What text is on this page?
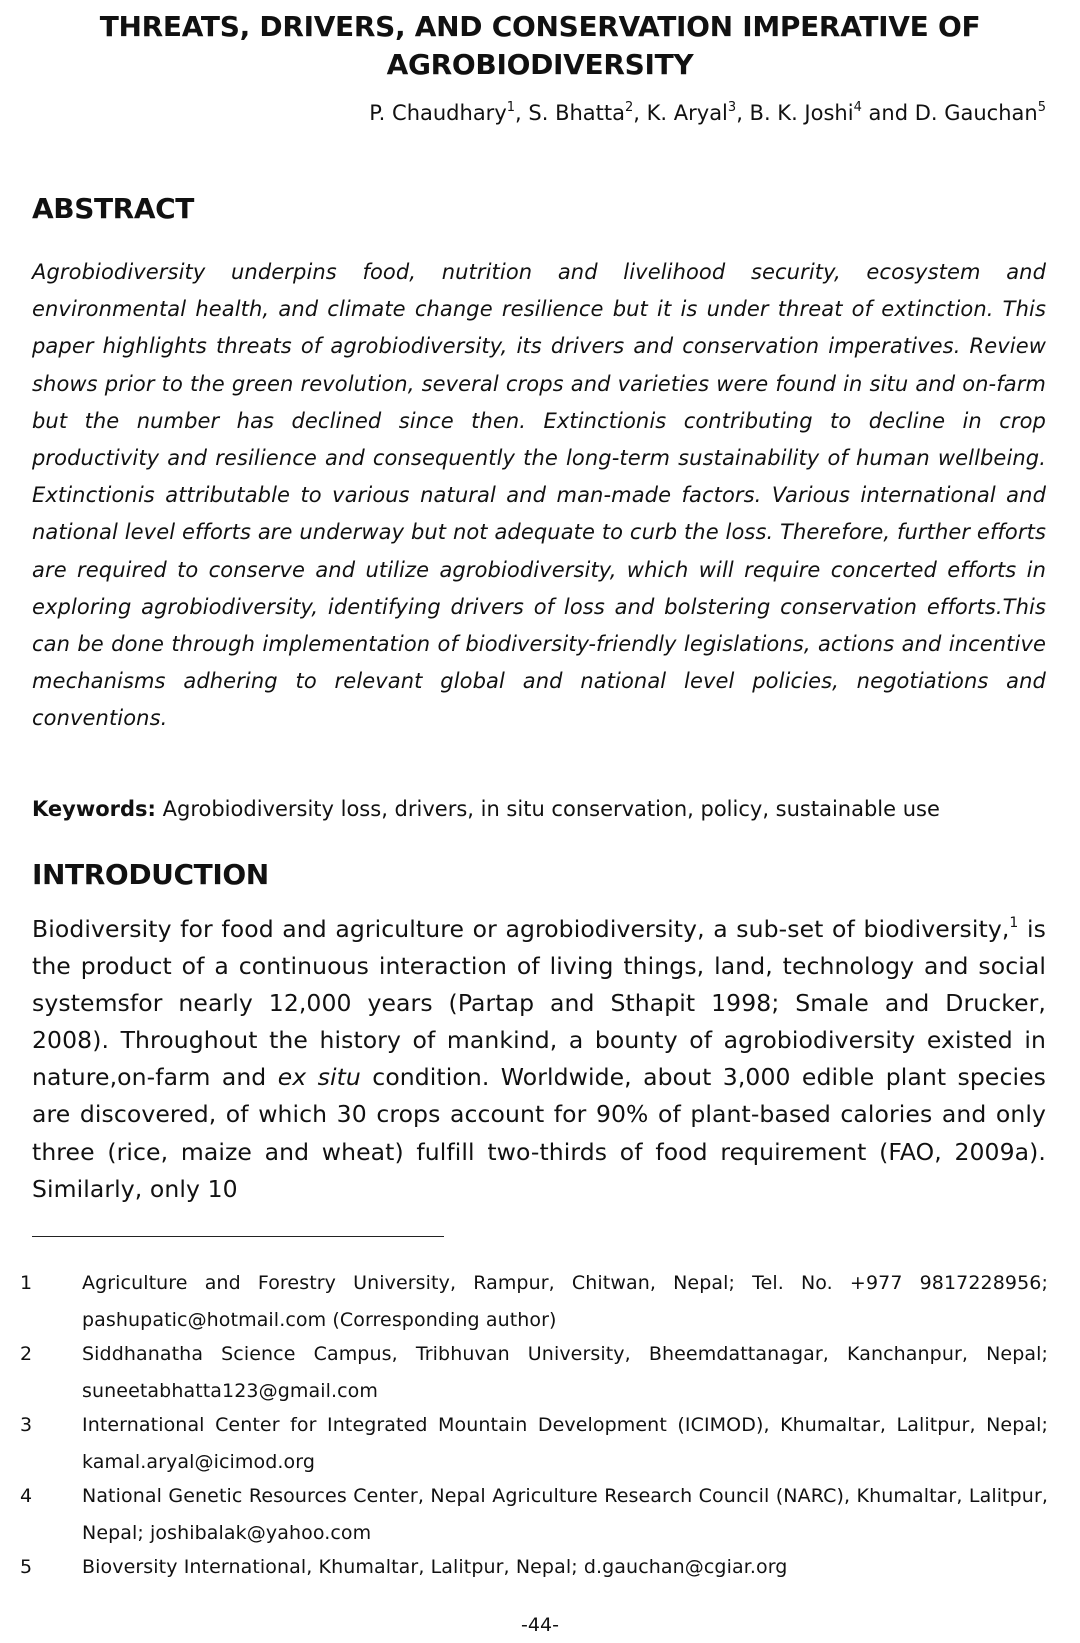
THREATS, DRIVERS, AND CONSERVATION IMPERATIVE OF
AGROBIODIVERSITY
P. Chaudhary$^1$, S. Bhatta$^2$, K. Aryal$^3$, B. K. Joshi$^4$ and D. Gauchan$^5$
ABSTRACT
Agrobiodiversity underpins food, nutrition and livelihood security, ecosystem and environmental health, and climate change resilience but it is under threat of extinction. This paper highlights threats of agrobiodiversity, its drivers and conservation imperatives. Review shows prior to the green revolution, several crops and varieties were found in situ and on-farm but the number has declined since then. Extinctionis contributing to decline in crop productivity and resilience and consequently the long-term sustainability of human wellbeing. Extinctionis attributable to various natural and man-made factors. Various international and national level efforts are underway but not adequate to curb the loss. Therefore, further efforts are required to conserve and utilize agrobiodiversity, which will require concerted efforts in exploring agrobiodiversity, identifying drivers of loss and bolstering conservation efforts.This can be done through implementation of biodiversity-friendly legislations, actions and incentive mechanisms adhering to relevant global and national level policies, negotiations and conventions.
Keywords: Agrobiodiversity loss, drivers, in situ conservation, policy, sustainable use
INTRODUCTION
Biodiversity for food and agriculture or agrobiodiversity, a sub-set of biodiversity,$^1$ is the product of a continuous interaction of living things, land, technology and social systemsfor nearly 12,000 years (Partap and Sthapit 1998; Smale and Drucker, 2008). Throughout the history of mankind, a bounty of agrobiodiversity existed in nature,on-farm and ex situ condition. Worldwide, about 3,000 edible plant species are discovered, of which 30 crops account for 90% of plant-based calories and only three (rice, maize and wheat) fulfill two-thirds of food requirement (FAO, 2009a). Similarly, only 10
1	Agriculture and Forestry University, Rampur, Chitwan, Nepal; Tel. No. +977 9817228956; pashupatic@hotmail.com (Corresponding author)
2	Siddhanatha Science Campus, Tribhuvan University, Bheemdattanagar, Kanchanpur, Nepal; suneetabhatta123@gmail.com
3	International Center for Integrated Mountain Development (ICIMOD), Khumaltar, Lalitpur, Nepal; kamal.aryal@icimod.org
4	National Genetic Resources Center, Nepal Agriculture Research Council (NARC), Khumaltar, Lalitpur, Nepal; joshibalak@yahoo.com
5	Bioversity International, Khumaltar, Lalitpur, Nepal; d.gauchan@cgiar.org
-44-
